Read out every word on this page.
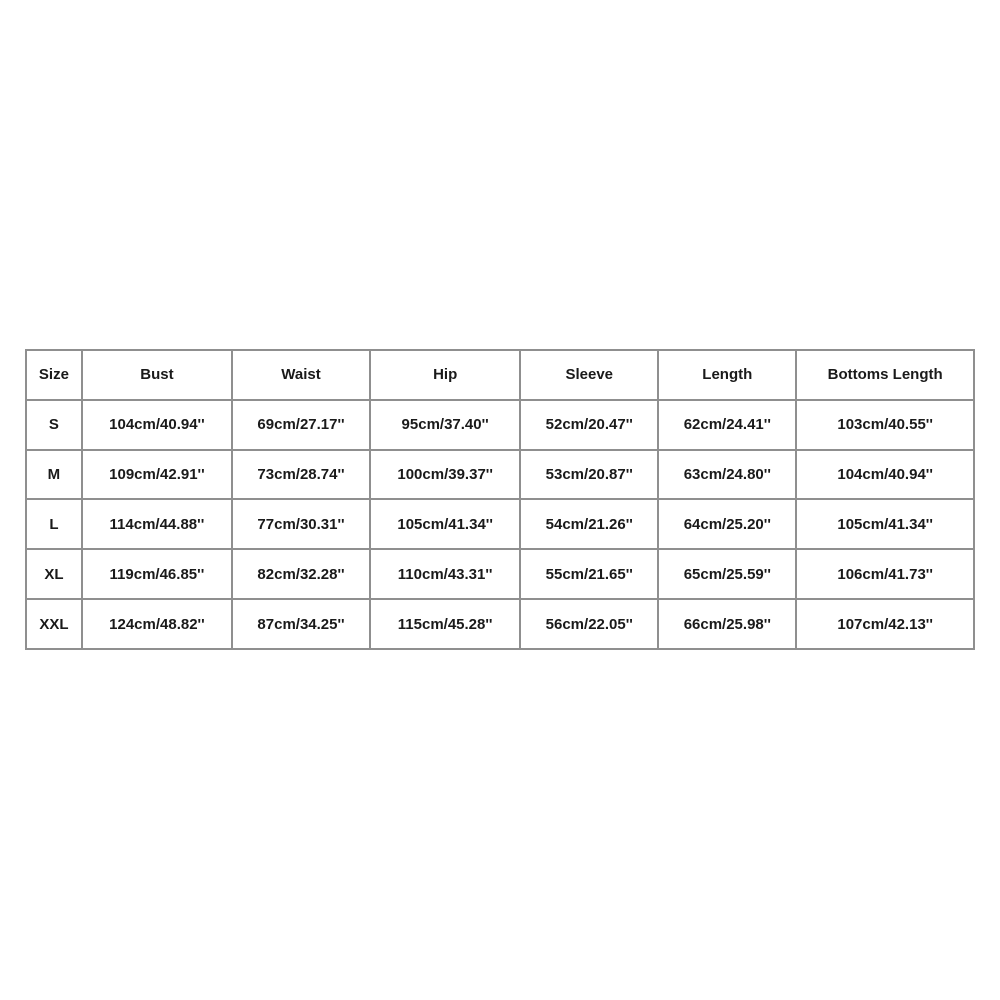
Size	Bust	Waist	Hip	Sleeve	Length	Bottoms Length
S	104cm/40.94''	69cm/27.17''	95cm/37.40''	52cm/20.47''	62cm/24.41''	103cm/40.55''
M	109cm/42.91''	73cm/28.74''	100cm/39.37''	53cm/20.87''	63cm/24.80''	104cm/40.94''
L	114cm/44.88''	77cm/30.31''	105cm/41.34''	54cm/21.26''	64cm/25.20''	105cm/41.34''
XL	119cm/46.85''	82cm/32.28''	110cm/43.31''	55cm/21.65''	65cm/25.59''	106cm/41.73''
XXL	124cm/48.82''	87cm/34.25''	115cm/45.28''	56cm/22.05''	66cm/25.98''	107cm/42.13''
